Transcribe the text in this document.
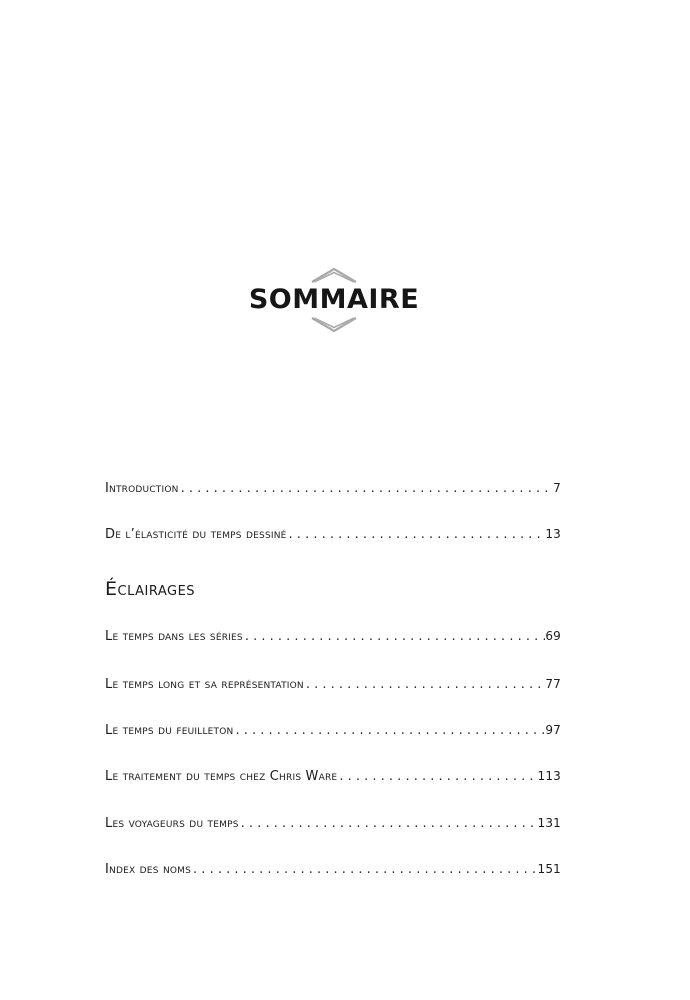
SOMMAIRE
Introduction . . .	7
De l’élasticité du temps dessiné . . .	13
Éclairages
Le temps dans les séries . . .	69
Le temps long et sa représentation . . .	77
Le temps du feuilleton . . .	97
Le traitement du temps chez Chris Ware . . .	113
Les voyageurs du temps . . .	131
Index des noms . . .	151
